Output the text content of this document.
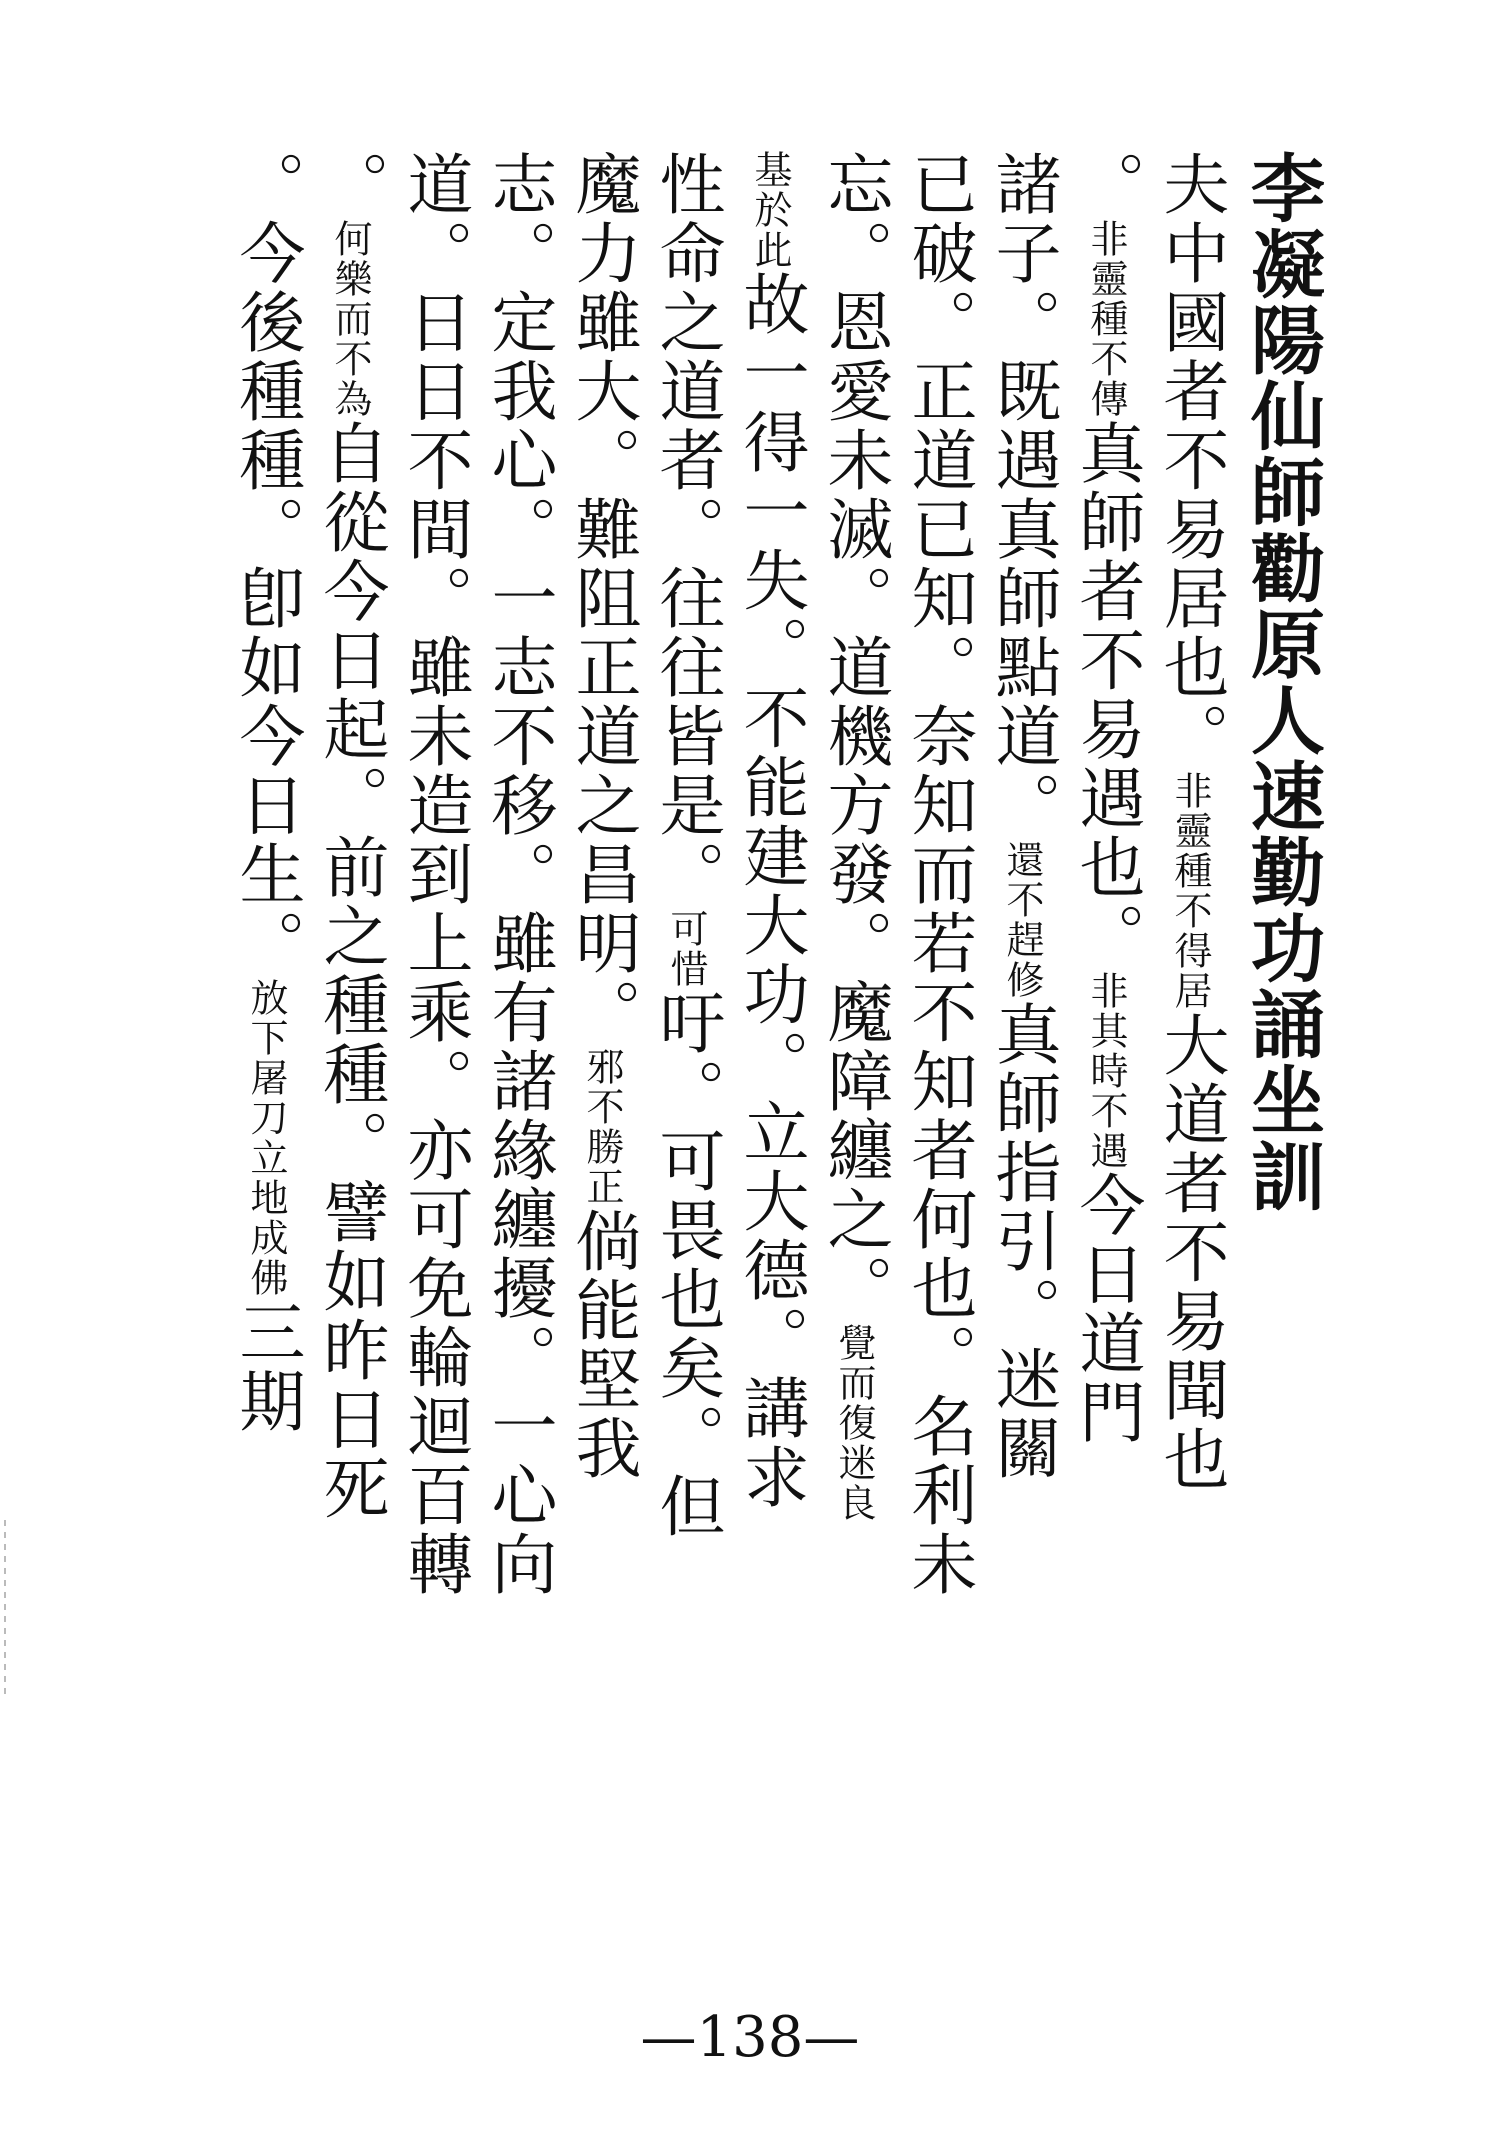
李凝陽仙師勸原人速勤功誦坐訓
夫中國者不易居也。
非靈種不得居
大道者不易聞也
。
非靈種不傳
真師者不易遇也。
非其時不遇
今日道門
諸子。既遇真師點道。
還不趕修
真師指引。迷關
已破。正道已知。奈知而若不知者何也。名利未
忘。恩愛未滅。道機方發。魔障纏之。
覺而復迷良
基於此
故一得一失。不能建大功。立大德。講求
性命之道者。往往皆是。
可惜
吁。可畏也矣。但
魔力雖大。難阻正道之昌明。
邪不勝正
倘能堅我
志。定我心。一志不移。雖有諸緣纏擾。一心向
道。日日不間。雖未造到上乘。亦可免輪迴百轉
。
何樂而不為
自從今日起。前之種種。譬如昨日死
。今後種種。卽如今日生。
放下屠刀立地成佛
三期
—138—
